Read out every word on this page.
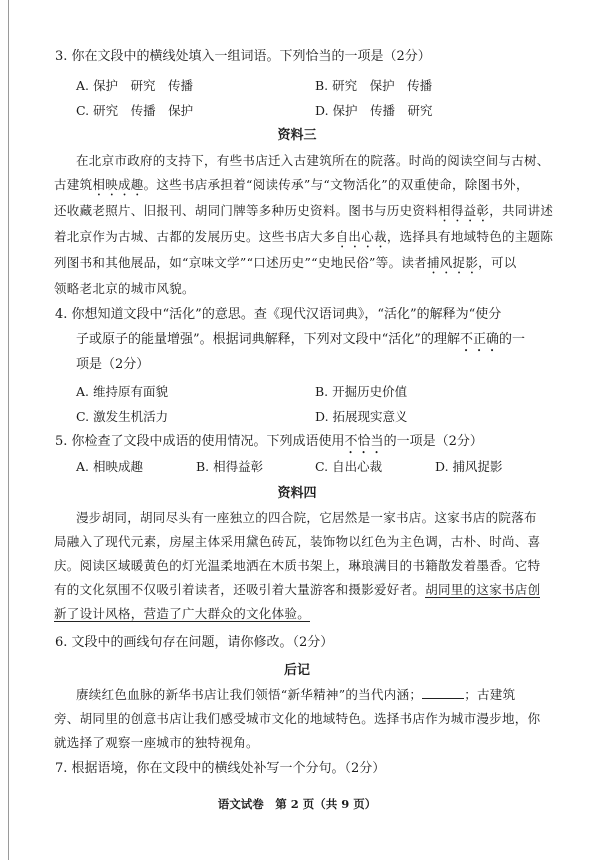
3. 你在文段中的横线处填入一组词语。下列恰当的一项是（2分）
A. 保护　研究　传播	B. 研究　保护　传播
C. 研究　传播　保护	D. 保护　传播　研究
资料三
在北京市政府的支持下，有些书店迁入古建筑所在的院落。时尚的阅读空间与古树、
古建筑相映成趣。这些书店承担着“阅读传承”与“文物活化”的双重使命，除图书外，
还收藏老照片、旧报刊、胡同门牌等多种历史资料。图书与历史资料相得益彰，共同讲述
着北京作为古城、古都的发展历史。这些书店大多自出心裁，选择具有地域特色的主题陈
列图书和其他展品，如“京味文学”“口述历史”“史地民俗”等。读者捕风捉影，可以
领略老北京的城市风貌。
4. 你想知道文段中“活化”的意思。查《现代汉语词典》，“活化”的解释为“使分
子或原子的能量增强”。根据词典解释，下列对文段中“活化”的理解不正确的一
项是（2分）
A. 维持原有面貌	B. 开掘历史价值
C. 激发生机活力	D. 拓展现实意义
5. 你检查了文段中成语的使用情况。下列成语使用不恰当的一项是（2分）
A. 相映成趣	B. 相得益彰	C. 自出心裁	D. 捕风捉影
资料四
漫步胡同，胡同尽头有一座独立的四合院，它居然是一家书店。这家书店的院落布
局融入了现代元素，房屋主体采用黛色砖瓦，装饰物以红色为主色调，古朴、时尚、喜
庆。阅读区域暖黄色的灯光温柔地洒在木质书架上，琳琅满目的书籍散发着墨香。它特
有的文化氛围不仅吸引着读者，还吸引着大量游客和摄影爱好者。胡同里的这家书店创
新了设计风格，营造了广大群众的文化体验。
6. 文段中的画线句存在问题，请你修改。（2分）
后记
赓续红色血脉的新华书店让我们领悟“新华精神”的当代内涵；	；古建筑
旁、胡同里的创意书店让我们感受城市文化的地域特色。选择书店作为城市漫步地，你
就选择了观察一座城市的独特视角。
7. 根据语境，你在文段中的横线处补写一个分句。（2分）
语文试卷　第 2 页（共 9 页）
